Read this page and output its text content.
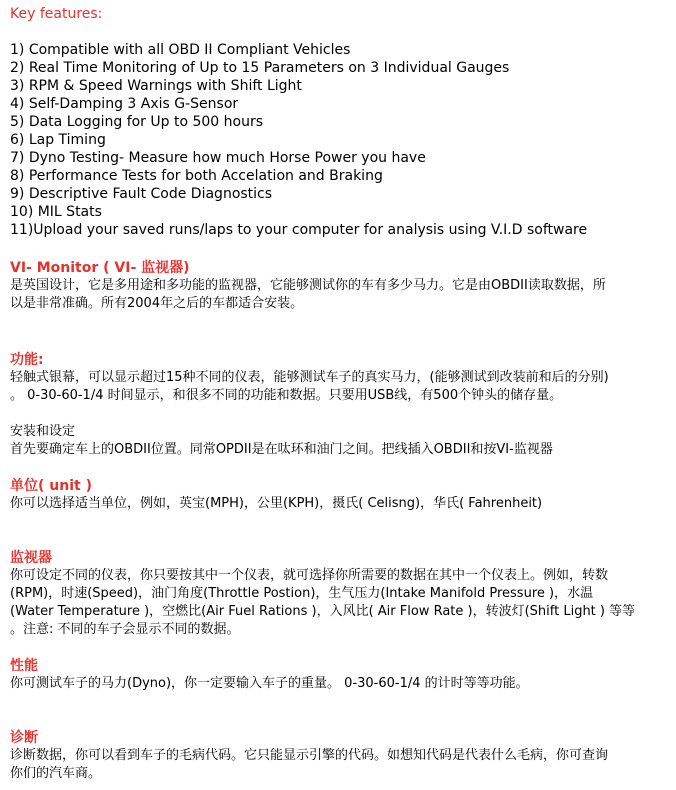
Key features:
1) Compatible with all OBD II Compliant Vehicles
2) Real Time Monitoring of Up to 15 Parameters on 3 Individual Gauges
3) RPM & Speed Warnings with Shift Light
4) Self-Damping 3 Axis G-Sensor
5) Data Logging for Up to 500 hours
6) Lap Timing
7) Dyno Testing- Measure how much Horse Power you have
8) Performance Tests for both Accelation and Braking
9) Descriptive Fault Code Diagnostics
10) MIL Stats
11)Upload your saved runs/laps to your computer for analysis using V.I.D software
VI- Monitor ( VI- 监视器)

是英国设计，它是多用途和多功能的监视器，它能够测试你的车有多少马力。它是由OBDII读取数据，所

以是非常准确。所有2004年之后的车都适合安装。

功能:

轻触式银幕，可以显示超过15种不同的仪表，能够测试车子的真实马力，(能够测试到改装前和后的分别)

。 0-30-60-1/4 时间显示，和很多不同的功能和数据。只要用USB线，有500个钟头的储存量。

安装和设定

首先要确定车上的OBDII位置。同常OPDII是在呔环和油门之间。把线插入OBDII和按VI-监视器

单位( unit )

你可以选择适当单位，例如，英宝(MPH)，公里(KPH)，摄氏( Celisng)，华氏( Fahrenheit)

监视器

你可设定不同的仪表，你只要按其中一个仪表，就可选择你所需要的数据在其中一个仪表上。例如，转数

(RPM)，时速(Speed)，油门角度(Throttle Postion)，生气压力(Intake Manifold Pressure )，水温

(Water Temperature )，空燃比(Air Fuel Rations )，入风比( Air Flow Rate )，转波灯(Shift Light ) 等等

。注意: 不同的车子会显示不同的数据。

性能

你可测试车子的马力(Dyno)，你一定要输入车子的重量。 0-30-60-1/4 的计时等等功能。

诊断

诊断数据，你可以看到车子的毛病代码。它只能显示引擎的代码。如想知代码是代表什么毛病，你可查询

你们的汽车商。
